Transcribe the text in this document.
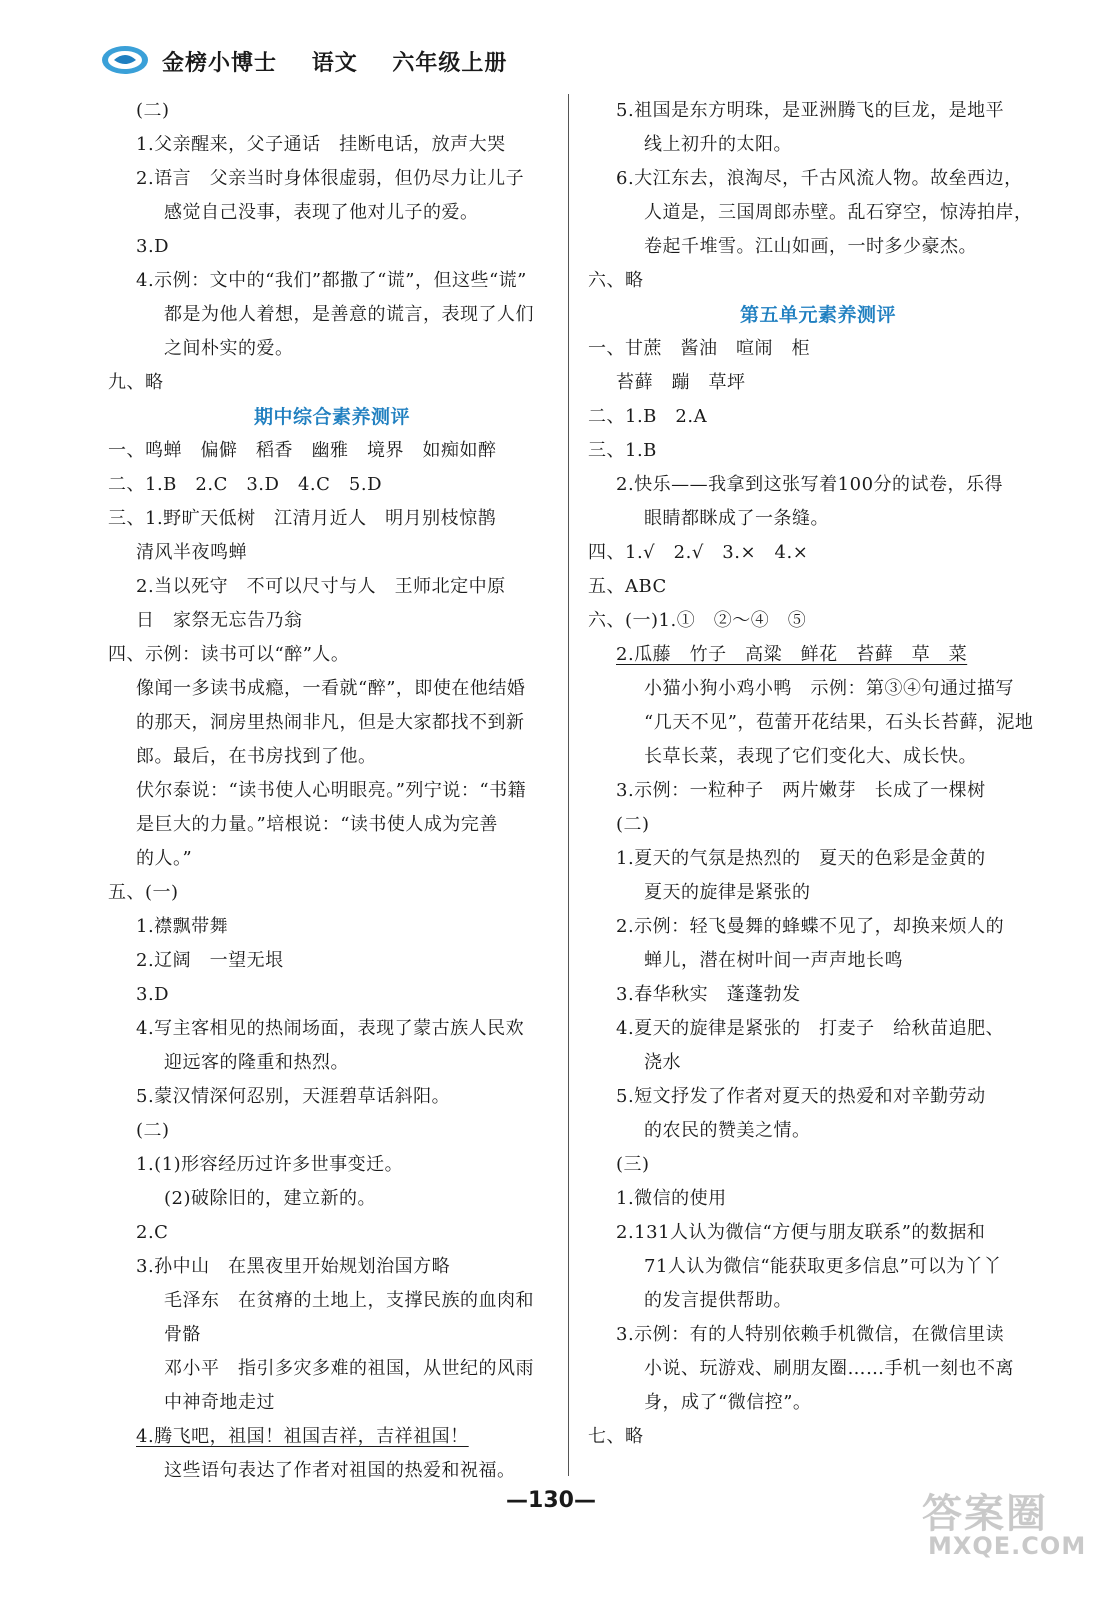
金榜小博士 语文 六年级上册
(二)
1.父亲醒来，父子通话　挂断电话，放声大哭
2.语言　父亲当时身体很虚弱，但仍尽力让儿子
感觉自己没事，表现了他对儿子的爱。
3.D
4.示例：文中的“我们”都撒了“谎”，但这些“谎”
都是为他人着想，是善意的谎言，表现了人们
之间朴实的爱。
九、略
期中综合素养测评
一、鸣蝉　偏僻　稻香　幽雅　境界　如痴如醉
二、1.B　2.C　3.D　4.C　5.D
三、1.野旷天低树　江清月近人　明月别枝惊鹊
清风半夜鸣蝉
2.当以死守　不可以尺寸与人　王师北定中原
日　家祭无忘告乃翁
四、示例：读书可以“醉”人。
像闻一多读书成瘾，一看就“醉”，即使在他结婚
的那天，洞房里热闹非凡，但是大家都找不到新
郎。最后，在书房找到了他。
伏尔泰说：“读书使人心明眼亮。”列宁说：“书籍
是巨大的力量。”培根说：“读书使人成为完善
的人。”
五、(一)
1.襟飘带舞
2.辽阔　一望无垠
3.D
4.写主客相见的热闹场面，表现了蒙古族人民欢
迎远客的隆重和热烈。
5.蒙汉情深何忍别，天涯碧草话斜阳。
(二)
1.(1)形容经历过许多世事变迁。
(2)破除旧的，建立新的。
2.C
3.孙中山　在黑夜里开始规划治国方略
毛泽东　在贫瘠的土地上，支撑民族的血肉和
骨骼
邓小平　指引多灾多难的祖国，从世纪的风雨
中神奇地走过
4.腾飞吧，祖国！祖国吉祥，吉祥祖国！
这些语句表达了作者对祖国的热爱和祝福。
5.祖国是东方明珠，是亚洲腾飞的巨龙，是地平
线上初升的太阳。
6.大江东去，浪淘尽，千古风流人物。故垒西边，
人道是，三国周郎赤壁。乱石穿空，惊涛拍岸，
卷起千堆雪。江山如画，一时多少豪杰。
六、略
第五单元素养测评
一、甘蔗　酱油　喧闹　柜
苔藓　蹦　草坪
二、1.B　2.A
三、1.B
2.快乐——我拿到这张写着100分的试卷，乐得
眼睛都眯成了一条缝。
四、1.√　2.√　3.×　4.×
五、ABC
六、(一)1.①　②～④　⑤
2.瓜藤　竹子　高粱　鲜花　苔藓　草　菜
小猫小狗小鸡小鸭　示例：第③④句通过描写
“几天不见”，苞蕾开花结果，石头长苔藓，泥地
长草长菜，表现了它们变化大、成长快。
3.示例：一粒种子　两片嫩芽　长成了一棵树
(二)
1.夏天的气氛是热烈的　夏天的色彩是金黄的
夏天的旋律是紧张的
2.示例：轻飞曼舞的蜂蝶不见了，却换来烦人的
蝉儿，潜在树叶间一声声地长鸣
3.春华秋实　蓬蓬勃发
4.夏天的旋律是紧张的　打麦子　给秋苗追肥、
浇水
5.短文抒发了作者对夏天的热爱和对辛勤劳动
的农民的赞美之情。
(三)
1.微信的使用
2.131人认为微信“方便与朋友联系”的数据和
71人认为微信“能获取更多信息”可以为丫丫
的发言提供帮助。
3.示例：有的人特别依赖手机微信，在微信里读
小说、玩游戏、刷朋友圈……手机一刻也不离
身，成了“微信控”。
七、略
—130—	答案圈
MXQE.COM
